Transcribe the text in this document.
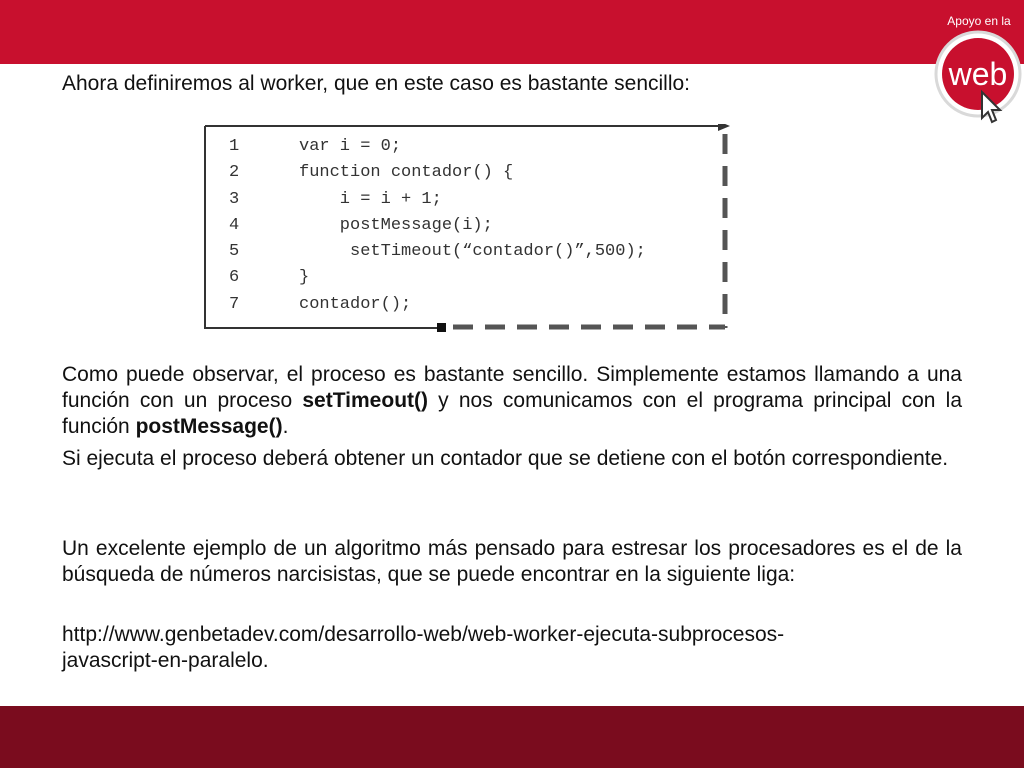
Apoyo en la
web
Ahora definiremos al worker, que en este caso es bastante sencillo:
1	var i = 0;
2	function contador() {
3	i = i + 1;
4	postMessage(i);
5	setTimeout(“contador()”,500);
6	}
7	contador();
Como puede observar, el proceso es bastante sencillo. Simplemente estamos llamando a una función con un proceso setTimeout() y nos comunicamos con el programa principal con la función postMessage().
Si ejecuta el proceso deberá obtener un contador que se detiene con el botón correspondiente.
Un excelente ejemplo de un algoritmo más pensado para estresar los procesadores es el de la búsqueda de números narcisistas, que se puede encontrar en la siguiente liga:
http://www.genbetadev.com/desarrollo-web/web-worker-ejecuta-subprocesos-
javascript-en-paralelo.
